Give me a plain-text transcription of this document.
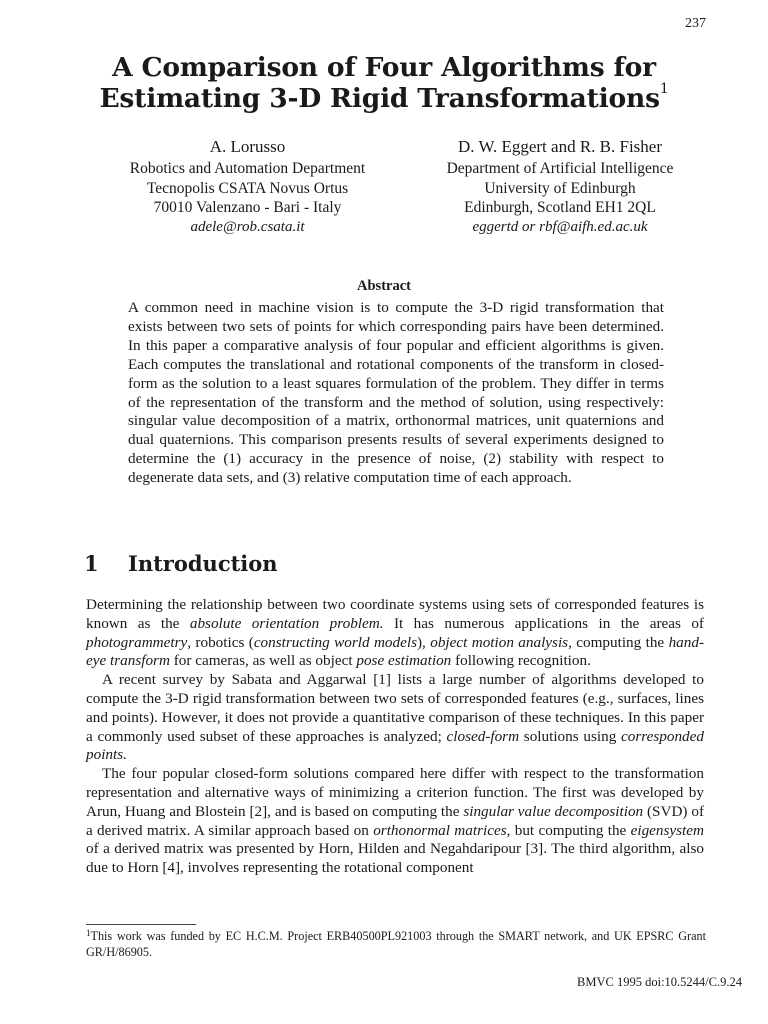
237
A Comparison of Four Algorithms for
Estimating 3-D Rigid Transformations$^1$
A. Lorusso
Robotics and Automation Department
Tecnopolis CSATA Novus Ortus
70010 Valenzano - Bari - Italy
adele@rob.csata.it
D. W. Eggert and R. B. Fisher
Department of Artificial Intelligence
University of Edinburgh
Edinburgh, Scotland EH1 2QL
eggertd or rbf@aifh.ed.ac.uk
Abstract

A common need in machine vision is to compute the 3-D rigid transformation that exists between two sets of points for which corresponding pairs have been determined. In this paper a comparative analysis of four popular and efficient algorithms is given. Each computes the translational and rotational components of the transform in closed-form as the solution to a least squares formulation of the problem. They differ in terms of the representation of the transform and the method of solution, using respectively: singular value decomposition of a matrix, orthonormal matrices, unit quaternions and dual quaternions. This comparison presents results of several experiments designed to determine the (1) accuracy in the presence of noise, (2) stability with respect to degenerate data sets, and (3) relative computation time of each approach.

1 Introduction

Determining the relationship between two coordinate systems using sets of corresponded features is known as the absolute orientation problem. It has numerous applications in the areas of photogrammetry, robotics (constructing world models), object motion analysis, computing the hand-eye transform for cameras, as well as object pose estimation following recognition.

A recent survey by Sabata and Aggarwal [1] lists a large number of algorithms developed to compute the 3-D rigid transformation between two sets of corresponded features (e.g., surfaces, lines and points). However, it does not provide a quantitative comparison of these techniques. In this paper a commonly used subset of these approaches is analyzed; closed-form solutions using corresponded points.

The four popular closed-form solutions compared here differ with respect to the transformation representation and alternative ways of minimizing a criterion function. The first was developed by Arun, Huang and Blostein [2], and is based on computing the singular value decomposition (SVD) of a derived matrix. A similar approach based on orthonormal matrices, but computing the eigensystem of a derived matrix was presented by Horn, Hilden and Negahdaripour [3]. The third algorithm, also due to Horn [4], involves representing the rotational component

$^1$This work was funded by EC H.C.M. Project ERB40500PL921003 through the SMART network, and UK EPSRC Grant GR/H/86905.
BMVC 1995 doi:10.5244/C.9.24
